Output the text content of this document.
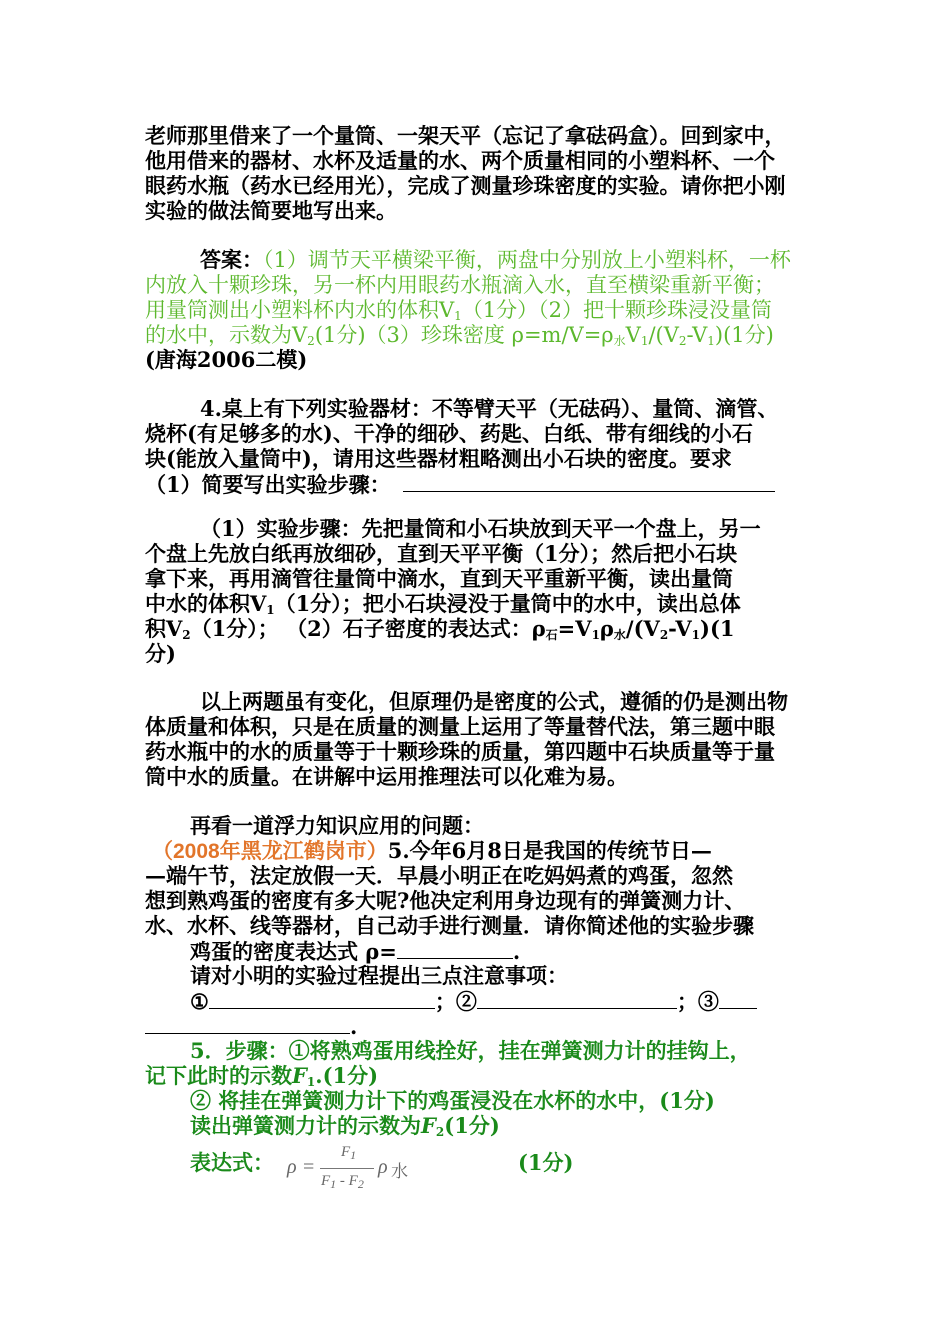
老师那里借来了一个量筒、一架天平（忘记了拿砝码盒）。回到家中，
他用借来的器材、水杯及适量的水、两个质量相同的小塑料杯、一个
眼药水瓶（药水已经用光），完成了测量珍珠密度的实验。请你把小刚
实验的做法简要地写出来。
答案：（1）调节天平横梁平衡，两盘中分别放上小塑料杯，一杯
内放入十颗珍珠，另一杯内用眼药水瓶滴入水，直至横梁重新平衡；
用量筒测出小塑料杯内水的体积$V_1(1$分）（2）把十颗珍珠浸没量筒
的水中，示数为$V_2(1$分)（3）珍珠密度 $\rho=m/V=\rho_水V_1/(V_2-V_1)(1$分)
(唐海2006二模)
4.桌上有下列实验器材：不等臂天平（无砝码）、量筒、滴管、
烧杯(有足够多的水)、干净的细砂、药匙、白纸、带有细线的小石
块(能放入量筒中)，请用这些器材粗略测出小石块的密度。要求
（1）简要写出实验步骤：
（1）实验步骤：先把量筒和小石块放到天平一个盘上，另一
个盘上先放白纸再放细砂，直到天平平衡（1分）；然后把小石块
拿下来，再用滴管往量筒中滴水，直到天平重新平衡，读出量筒
中水的体积$V_1(1$分）；把小石块浸没于量筒中的水中，读出总体
积$V_2(1$分）； （2）石子密度的表达式：$\rho_石=V_1\rho_水/(V_2-V_1)(1$
分)
以上两题虽有变化，但原理仍是密度的公式，遵循的仍是测出物
体质量和体积，只是在质量的测量上运用了等量替代法，第三题中眼
药水瓶中的水的质量等于十颗珍珠的质量，第四题中石块质量等于量
筒中水的质量。在讲解中运用推理法可以化难为易。
再看一道浮力知识应用的问题：
（2008年黑龙江鹤岗市）5.今年6月8日是我国的传统节日—
—端午节，法定放假一天．早晨小明正在吃妈妈煮的鸡蛋，忽然
想到熟鸡蛋的密度有多大呢?他决定利用身边现有的弹簧测力计、
水、水杯、线等器材，自己动手进行测量．请你简述他的实验步骤
鸡蛋的密度表达式 ρ=	.
请对小明的实验过程提出三点注意事项：
①	；②	；③
.
5．步骤：①将熟鸡蛋用线拴好，挂在弹簧测力计的挂钩上，
记下此时的示数$F_1.(1$分)
② 将挂在弹簧测力计下的鸡蛋浸没在水杯的水中，(1分)
读出弹簧测力计的示数为$F_2(1$分)
表达式：	(1分)
ρ =
$F_1$
$F_1 - F_2$
ρ 水
